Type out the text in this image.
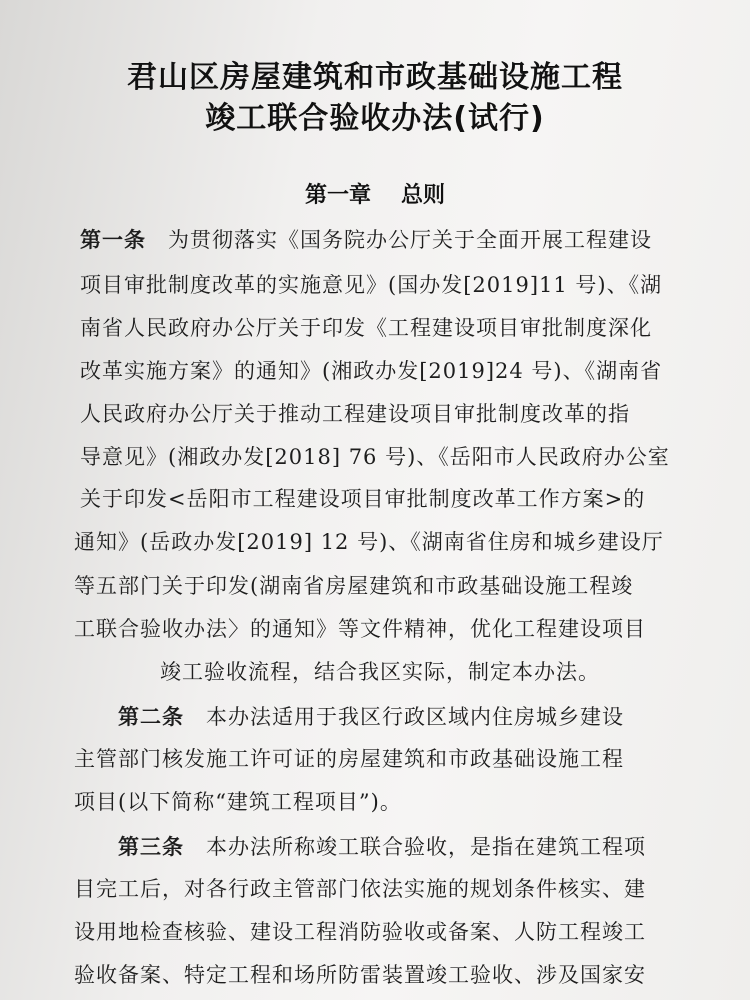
君山区房屋建筑和市政基础设施工程
竣工联合验收办法(试行)
第一章 总则
第一条 为贯彻落实《国务院办公厅关于全面开展工程建设
项目审批制度改革的实施意见》(国办发[2019]11 号)、《湖
南省人民政府办公厅关于印发《工程建设项目审批制度深化
改革实施方案》的通知》(湘政办发[2019]24 号)、《湖南省
人民政府办公厅关于推动工程建设项目审批制度改革的指
导意见》(湘政办发[2018] 76 号)、《岳阳市人民政府办公室
关于印发<岳阳市工程建设项目审批制度改革工作方案>的
通知》(岳政办发[2019] 12 号)、《湖南省住房和城乡建设厅
等五部门关于印发(湖南省房屋建筑和市政基础设施工程竣
工联合验收办法〉的通知》等文件精神，优化工程建设项目
竣工验收流程，结合我区实际，制定本办法。
第二条 本办法适用于我区行政区域内住房城乡建设
主管部门核发施工许可证的房屋建筑和市政基础设施工程
项目(以下简称“建筑工程项目”)。
第三条 本办法所称竣工联合验收，是指在建筑工程项
目完工后，对各行政主管部门依法实施的规划条件核实、建
设用地检查核验、建设工程消防验收或备案、人防工程竣工
验收备案、特定工程和场所防雷装置竣工验收、涉及国家安
